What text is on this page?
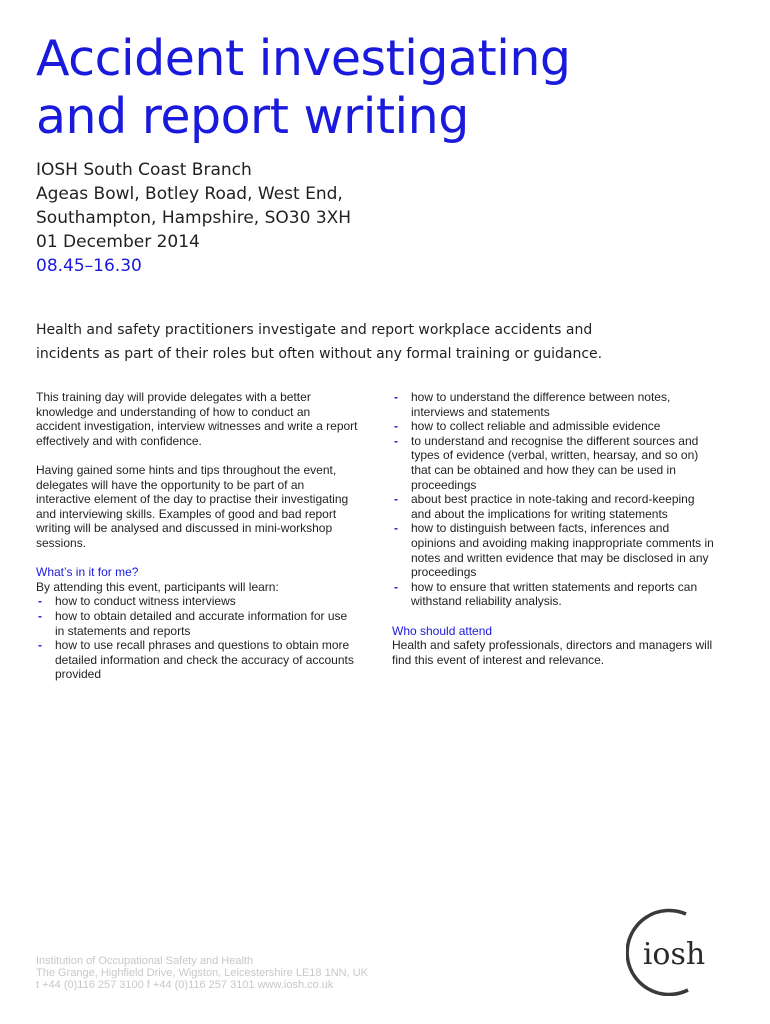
Accident investigating
and report writing
IOSH South Coast Branch
Ageas Bowl, Botley Road, West End,
Southampton, Hampshire, SO30 3XH
01 December 2014
08.45–16.30
Health and safety practitioners investigate and report workplace accidents and
incidents as part of their roles but often without any formal training or guidance.

This training day will provide delegates with a better
knowledge and understanding of how to conduct an
accident investigation, interview witnesses and write a report
effectively and with confidence.

Having gained some hints and tips throughout the event,
delegates will have the opportunity to be part of an
interactive element of the day to practise their investigating
and interviewing skills. Examples of good and bad report
writing will be analysed and discussed in mini-workshop
sessions.

What’s in it for me?

By attending this event, participants will learn:

- how to conduct witness interviews
- how to obtain detailed and accurate information for use
in statements and reports
- how to use recall phrases and questions to obtain more
detailed information and check the accuracy of accounts
provided
- how to understand the difference between notes,
interviews and statements
- how to collect reliable and admissible evidence
- to understand and recognise the different sources and
types of evidence (verbal, written, hearsay, and so on)
that can be obtained and how they can be used in
proceedings
- about best practice in note-taking and record-keeping
and about the implications for writing statements
- how to distinguish between facts, inferences and
opinions and avoiding making inappropriate comments in
notes and written evidence that may be disclosed in any
proceedings
- how to ensure that written statements and reports can
withstand reliability analysis.

Who should attend

Health and safety professionals, directors and managers will
find this event of interest and relevance.

Institution of Occupational Safety and Health
The Grange, Highfield Drive, Wigston, Leicestershire LE18 1NN, UK
t +44 (0)116 257 3100 f +44 (0)116 257 3101 www.iosh.co.uk
iosh
